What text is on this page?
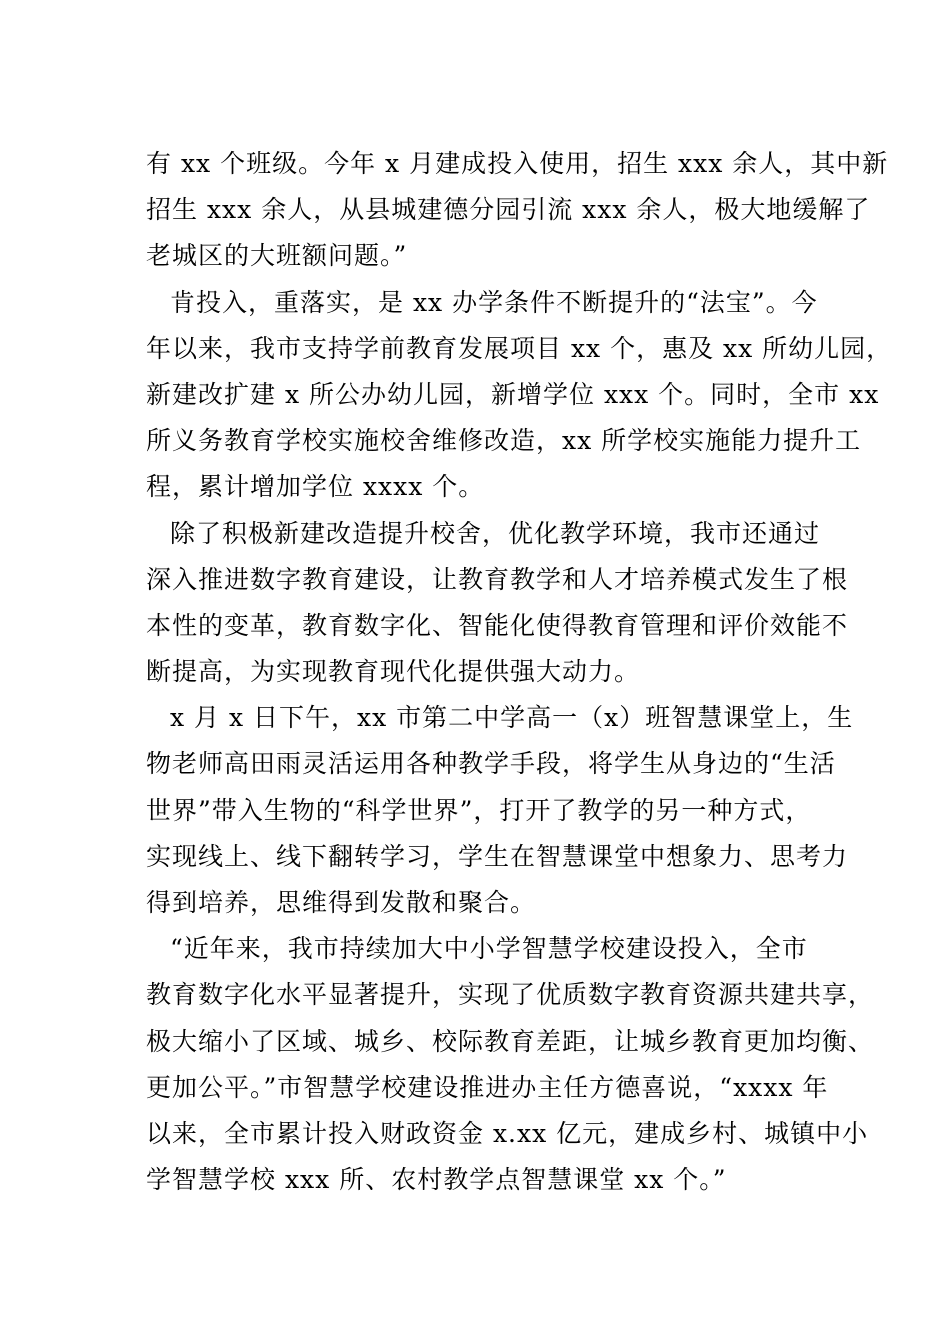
有 xx 个班级。今年 x 月建成投入使用，招生 xxx 余人，其中新
招生 xxx 余人，从县城建德分园引流 xxx 余人，极大地缓解了
老城区的大班额问题。”
肯投入，重落实，是 xx 办学条件不断提升的“法宝”。今
年以来，我市支持学前教育发展项目 xx 个，惠及 xx 所幼儿园，
新建改扩建 x 所公办幼儿园，新增学位 xxx 个。同时，全市 xx
所义务教育学校实施校舍维修改造，xx 所学校实施能力提升工
程，累计增加学位 xxxx 个。
除了积极新建改造提升校舍，优化教学环境，我市还通过
深入推进数字教育建设，让教育教学和人才培养模式发生了根
本性的变革，教育数字化、智能化使得教育管理和评价效能不
断提高，为实现教育现代化提供强大动力。
x 月 x 日下午，xx 市第二中学高一（x）班智慧课堂上，生
物老师高田雨灵活运用各种教学手段，将学生从身边的“生活
世界”带入生物的“科学世界”，打开了教学的另一种方式，
实现线上、线下翻转学习，学生在智慧课堂中想象力、思考力
得到培养，思维得到发散和聚合。
“近年来，我市持续加大中小学智慧学校建设投入，全市
教育数字化水平显著提升，实现了优质数字教育资源共建共享，
极大缩小了区域、城乡、校际教育差距，让城乡教育更加均衡、
更加公平。”市智慧学校建设推进办主任方德喜说，“xxxx 年
以来，全市累计投入财政资金 x.xx 亿元，建成乡村、城镇中小
学智慧学校 xxx 所、农村教学点智慧课堂 xx 个。”
